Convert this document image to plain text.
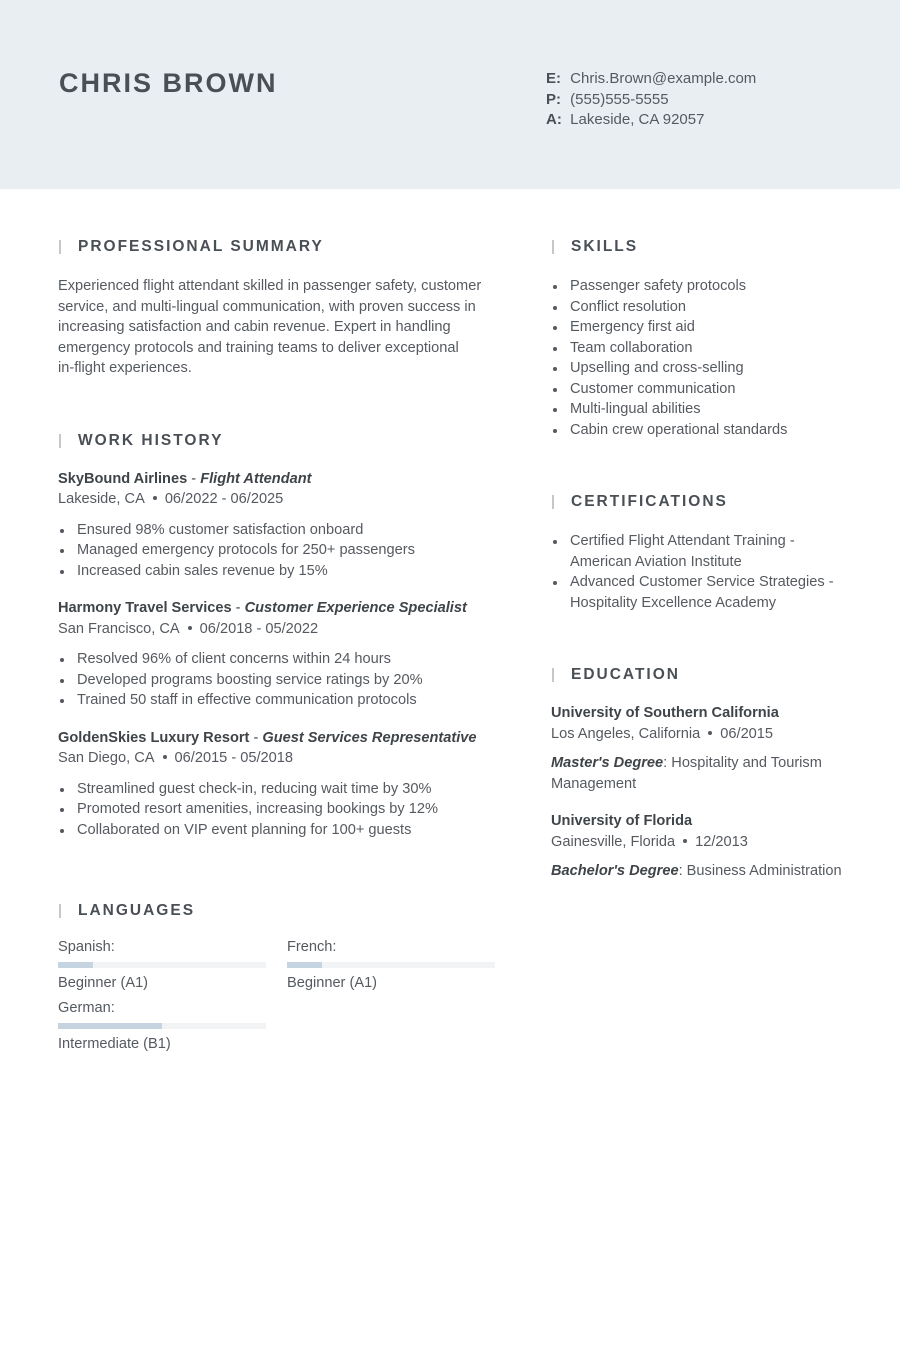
CHRIS BROWN	E: Chris.Brown@example.com
P: (555)555-5555
A: Lakeside, CA 92057
PROFESSIONAL SUMMARY
Experienced flight attendant skilled in passenger safety, customer
service, and multi-lingual communication, with proven success in
increasing satisfaction and cabin revenue. Expert in handling
emergency protocols and training teams to deliver exceptional
in-flight experiences.
WORK HISTORY
SkyBound Airlines - Flight Attendant
Lakeside, CA 06/2022 - 06/2025
Ensured 98% customer satisfaction onboard
Managed emergency protocols for 250+ passengers
Increased cabin sales revenue by 15%
Harmony Travel Services - Customer Experience Specialist
San Francisco, CA 06/2018 - 05/2022
Resolved 96% of client concerns within 24 hours
Developed programs boosting service ratings by 20%
Trained 50 staff in effective communication protocols
GoldenSkies Luxury Resort - Guest Services Representative
San Diego, CA 06/2015 - 05/2018
Streamlined guest check-in, reducing wait time by 30%
Promoted resort amenities, increasing bookings by 12%
Collaborated on VIP event planning for 100+ guests
LANGUAGES
Spanish:
Beginner (A1)
French:
Beginner (A1)
German:
Intermediate (B1)
SKILLS
Passenger safety protocols
Conflict resolution
Emergency first aid
Team collaboration
Upselling and cross-selling
Customer communication
Multi-lingual abilities
Cabin crew operational standards
CERTIFICATIONS
Certified Flight Attendant Training -
American Aviation Institute
Advanced Customer Service Strategies -
Hospitality Excellence Academy
EDUCATION
University of Southern California
Los Angeles, California 06/2015
Master's Degree: Hospitality and Tourism
Management
University of Florida
Gainesville, Florida 12/2013
Bachelor's Degree: Business Administration
